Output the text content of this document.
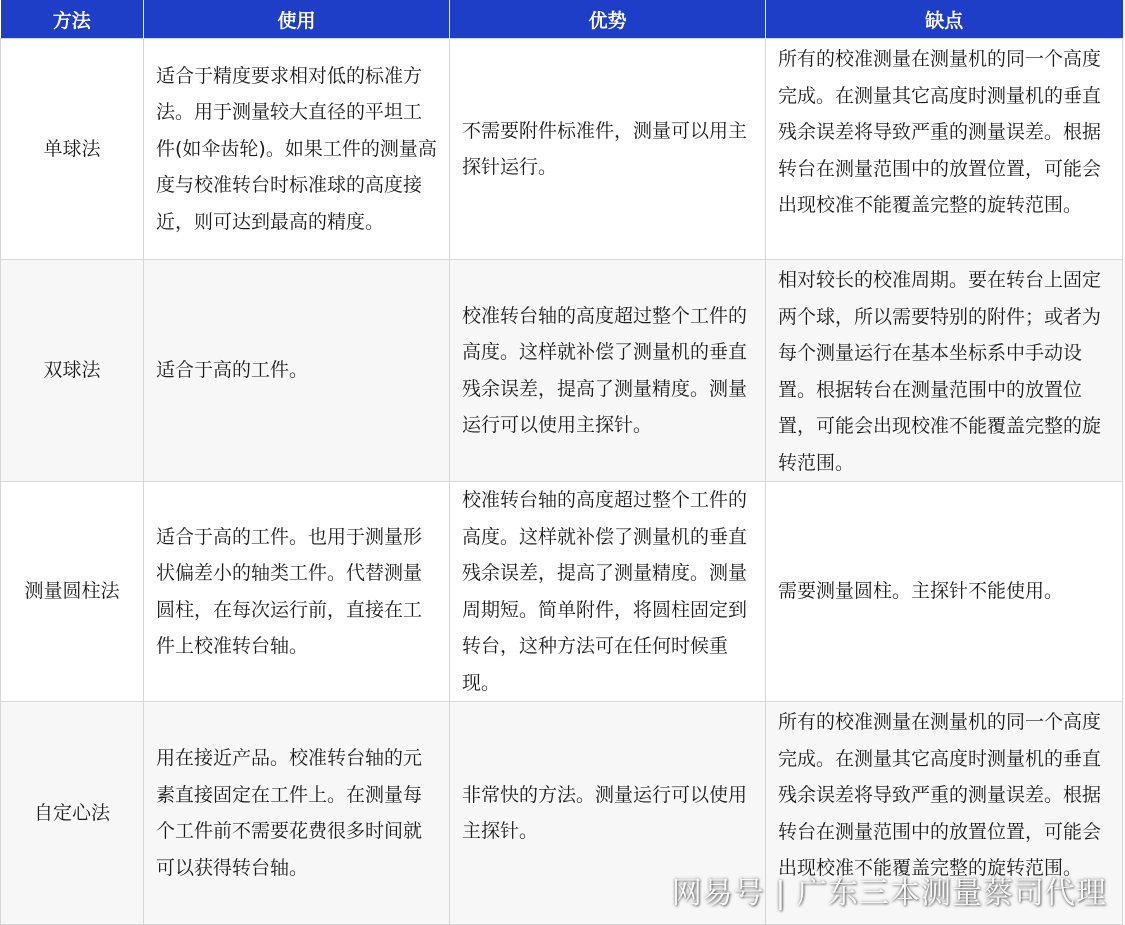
方法	使用	优势	缺点
单球法	适合于精度要求相对低的标准方法。用于测量较大直径的平坦工件(如伞齿轮)。如果工件的测量高度与校准转台时标准球的高度接近，则可达到最高的精度。	不需要附件标准件，测量可以用主探针运行。	所有的校准测量在测量机的同一个高度完成。在测量其它高度时测量机的垂直残余误差将导致严重的测量误差。根据转台在测量范围中的放置位置，可能会出现校准不能覆盖完整的旋转范围。
双球法	适合于高的工件。	校准转台轴的高度超过整个工件的高度。这样就补偿了测量机的垂直残余误差，提高了测量精度。测量运行可以使用主探针。	相对较长的校准周期。要在转台上固定两个球，所以需要特别的附件；或者为每个测量运行在基本坐标系中手动设置。根据转台在测量范围中的放置位置，可能会出现校准不能覆盖完整的旋转范围。
测量圆柱法	适合于高的工件。也用于测量形状偏差小的轴类工件。代替测量圆柱，在每次运行前，直接在工件上校准转台轴。	校准转台轴的高度超过整个工件的高度。这样就补偿了测量机的垂直残余误差，提高了测量精度。测量周期短。简单附件，将圆柱固定到转台，这种方法可在任何时候重现。	需要测量圆柱。主探针不能使用。
自定心法	用在接近产品。校准转台轴的元素直接固定在工件上。在测量每个工件前不需要花费很多时间就可以获得转台轴。	非常快的方法。测量运行可以使用主探针。	所有的校准测量在测量机的同一个高度完成。在测量其它高度时测量机的垂直残余误差将导致严重的测量误差。根据转台在测量范围中的放置位置，可能会出现校准不能覆盖完整的旋转范围。
网易号 | 广东三本测量蔡司代理
